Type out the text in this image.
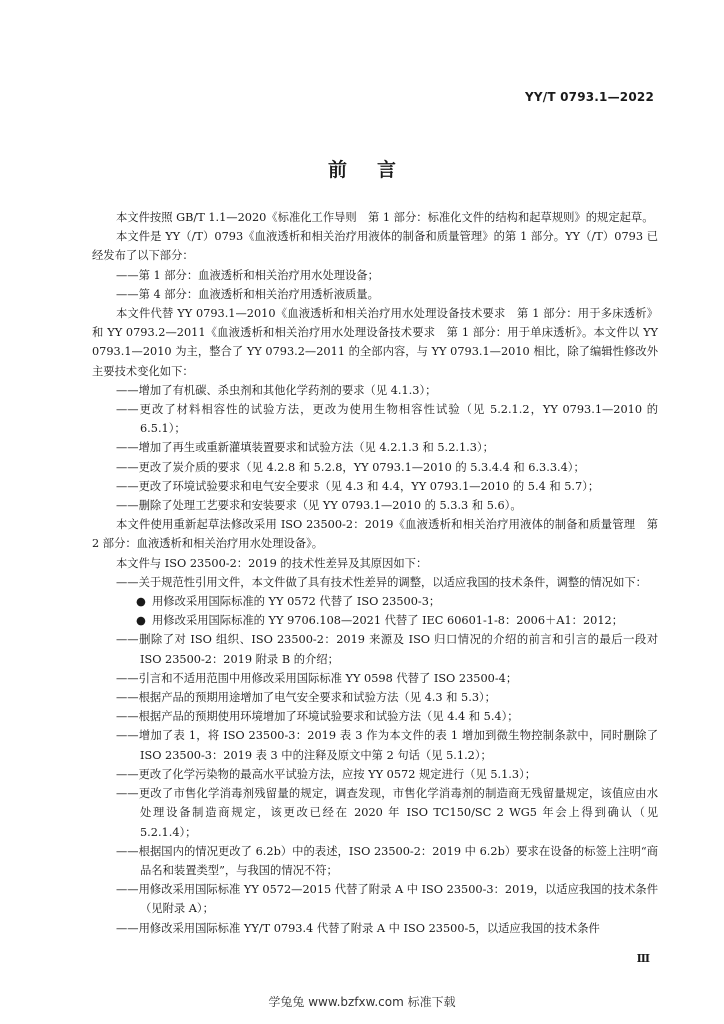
YY/T 0793.1—2022
前言

本文件按照 GB/T 1.1—2020《标准化工作导则　第 1 部分：标准化文件的结构和起草规则》的规定起草。

本文件是 YY（/T）0793《血液透析和相关治疗用液体的制备和质量管理》的第 1 部分。YY（/T）0793 已经发布了以下部分：

——第 1 部分：血液透析和相关治疗用水处理设备；

——第 4 部分：血液透析和相关治疗用透析液质量。

本文件代替 YY 0793.1—2010《血液透析和相关治疗用水处理设备技术要求　第 1 部分：用于多床透析》和 YY 0793.2—2011《血液透析和相关治疗用水处理设备技术要求　第 1 部分：用于单床透析》。本文件以 YY 0793.1—2010 为主，整合了 YY 0793.2—2011 的全部内容，与 YY 0793.1—2010 相比，除了编辑性修改外主要技术变化如下：

——增加了有机碳、杀虫剂和其他化学药剂的要求（见 4.1.3）；

——更改了材料相容性的试验方法，更改为使用生物相容性试验（见 5.2.1.2，YY 0793.1—2010 的 6.5.1）；

——增加了再生或重新灌填装置要求和试验方法（见 4.2.1.3 和 5.2.1.3）；

——更改了炭介质的要求（见 4.2.8 和 5.2.8，YY 0793.1—2010 的 5.3.4.4 和 6.3.3.4）；

——更改了环境试验要求和电气安全要求（见 4.3 和 4.4，YY 0793.1—2010 的 5.4 和 5.7）；

——删除了处理工艺要求和安装要求（见 YY 0793.1—2010 的 5.3.3 和 5.6）。

本文件使用重新起草法修改采用 ISO 23500-2：2019《血液透析和相关治疗用液体的制备和质量管理　第 2 部分：血液透析和相关治疗用水处理设备》。

本文件与 ISO 23500-2：2019 的技术性差异及其原因如下：

——关于规范性引用文件，本文件做了具有技术性差异的调整，以适应我国的技术条件，调整的情况如下：

● 用修改采用国际标准的 YY 0572 代替了 ISO 23500-3；

● 用修改采用国际标准的 YY 9706.108—2021 代替了 IEC 60601-1-8：2006＋A1：2012；

——删除了对 ISO 组织、ISO 23500-2：2019 来源及 ISO 归口情况的介绍的前言和引言的最后一段对 ISO 23500-2：2019 附录 B 的介绍；

——引言和不适用范围中用修改采用国际标准 YY 0598 代替了 ISO 23500-4；

——根据产品的预期用途增加了电气安全要求和试验方法（见 4.3 和 5.3）；

——根据产品的预期使用环境增加了环境试验要求和试验方法（见 4.4 和 5.4）；

——增加了表 1，将 ISO 23500-3：2019 表 3 作为本文件的表 1 增加到微生物控制条款中，同时删除了 ISO 23500-3：2019 表 3 中的注释及原文中第 2 句话（见 5.1.2）；

——更改了化学污染物的最高水平试验方法，应按 YY 0572 规定进行（见 5.1.3）；

——更改了市售化学消毒剂残留量的规定，调查发现，市售化学消毒剂的制造商无残留量规定，该值应由水处理设备制造商规定，该更改已经在 2020 年 ISO TC150/SC 2 WG5 年会上得到确认（见 5.2.1.4）；

——根据国内的情况更改了 6.2b）中的表述，ISO 23500-2：2019 中 6.2b）要求在设备的标签上注明“商品名和装置类型”，与我国的情况不符；

——用修改采用国际标准 YY 0572—2015 代替了附录 A 中 ISO 23500-3：2019，以适应我国的技术条件（见附录 A）；

——用修改采用国际标准 YY/T 0793.4 代替了附录 A 中 ISO 23500-5，以适应我国的技术条件

Ⅲ
学兔兔 www.bzfxw.com 标准下载
